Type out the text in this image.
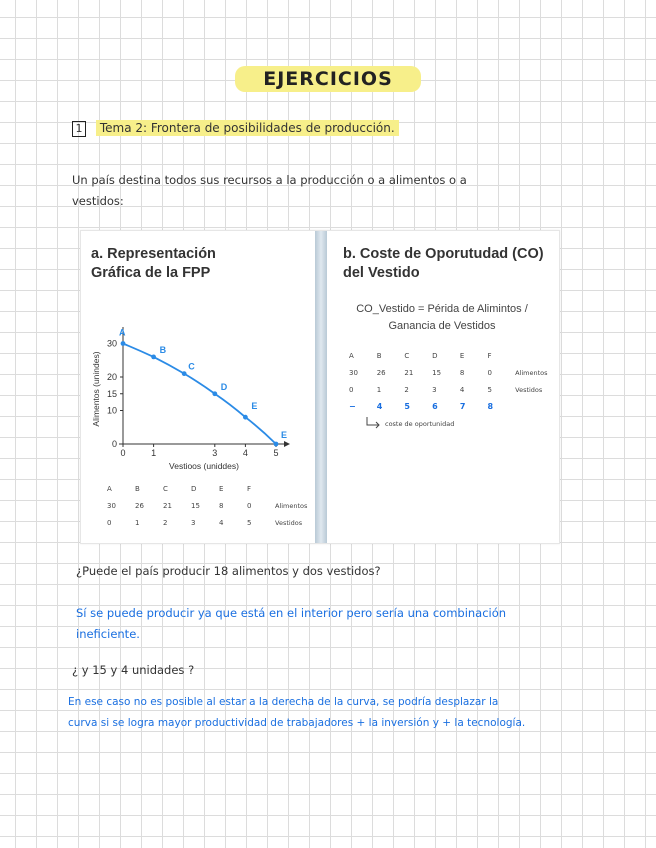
EJERCICIOS
1 Tema 2: Frontera de posibilidades de producción.
Un país destina todos sus recursos a la producción o a alimentos o a
vestidos:
a. Representación
Gráfica de la FPP
Alimentos (unindes)
Vestioos (uniddes)
0
10
15
20
30
0	1	3	4	5
A
B
C
D
E
E
A	B	C	D	E	F	
30	26	21	15	8	0	Alimentos
0	1	2	3	4	5	Vestidos
b. Coste de Oporutudad (CO)
del Vestido
CO_Vestido = Périda de Alimintos /
Ganancia de Vestidos
A	B	C	D	E	F	
30	26	21	15	8	0	Alimentos
0	1	2	3	4	5	Vestidos
−	4	5	6	7	8	
coste de oportunidad
¿Puede el país producir 18 alimentos y dos vestidos?
Sí se puede producir ya que está en el interior pero sería una combinación
ineficiente.
¿ y 15 y 4 unidades ?
En ese caso no es posible al estar a la derecha de la curva, se podría desplazar la
curva si se logra mayor productividad de trabajadores + la inversión y + la tecnología.
